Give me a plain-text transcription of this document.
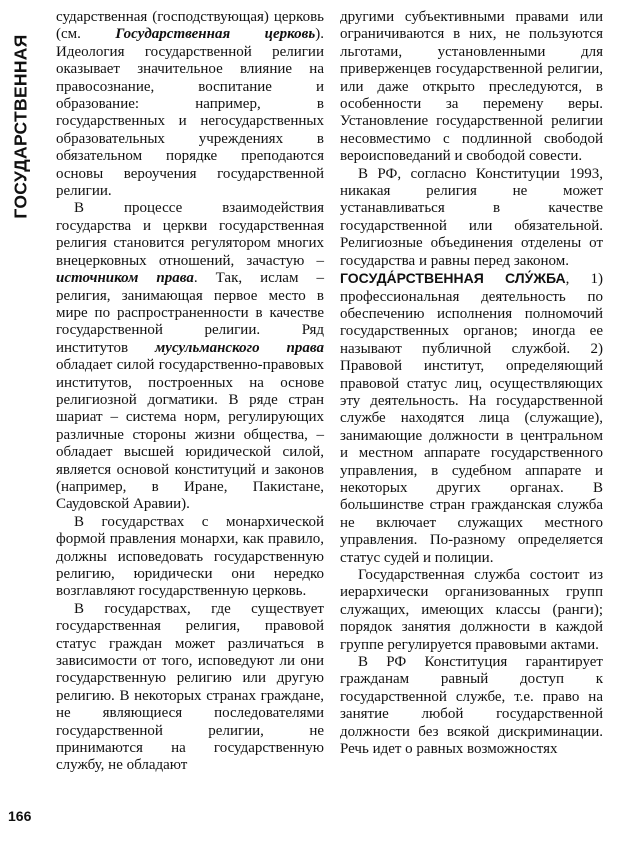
ГОСУДАРСТВЕННАЯ
166

сударственная (господствующая) церковь (см. Государственная церковь). Идеология государственной религии оказывает значительное влияние на правосознание, воспитание и образование: например, в государственных и негосударственных образовательных учреждениях в обязательном порядке преподаются основы вероучения государственной религии.

В процессе взаимодействия государства и церкви государственная религия становится регулятором многих внецерковных отношений, зачастую – источником права. Так, ислам – религия, занимающая первое место в мире по распространенности в качестве государственной религии. Ряд институтов мусульманского права обладает силой государственно-правовых институтов, построенных на основе религиозной догматики. В ряде стран шариат – система норм, регулирующих различные стороны жизни общества, – обладает высшей юридической силой, является основой конституций и законов (например, в Иране, Пакистане, Саудовской Аравии).

В государствах с монархической формой правления монархи, как правило, должны исповедовать государственную религию, юридически они нередко возглавляют государственную церковь.

В государствах, где существует государственная религия, правовой статус граждан может различаться в зависимости от того, исповедуют ли они государственную религию или другую религию. В некоторых странах граждане, не являющиеся последователями государственной религии, не принимаются на государственную службу, не обладают

другими субъективными правами или ограничиваются в них, не пользуются льготами, установленными для приверженцев государственной религии, или даже открыто преследуются, в особенности за перемену веры. Установление государственной религии несовместимо с подлинной свободой вероисповеданий и свободой совести.

В РФ, согласно Конституции 1993, никакая религия не может устанавливаться в качестве государственной или обязательной. Религиозные объединения отделены от государства и равны перед законом.

ГОСУДА́РСТВЕННАЯ СЛУ́ЖБА, 1) профессиональная деятельность по обеспечению исполнения полномочий государственных органов; иногда ее называют публичной службой. 2) Правовой институт, определяющий правовой статус лиц, осуществляющих эту деятельность. На государственной службе находятся лица (служащие), занимающие должности в центральном и местном аппарате государственного управления, в судебном аппарате и некоторых других органах. В большинстве стран гражданская служба не включает служащих местного управления. По-разному определяется статус судей и полиции.

Государственная служба состоит из иерархически организованных групп служащих, имеющих классы (ранги); порядок занятия должности в каждой группе регулируется правовыми актами.

В РФ Конституция гарантирует гражданам равный доступ к государственной службе, т.е. право на занятие любой государственной должности без всякой дискриминации. Речь идет о равных возможностях
